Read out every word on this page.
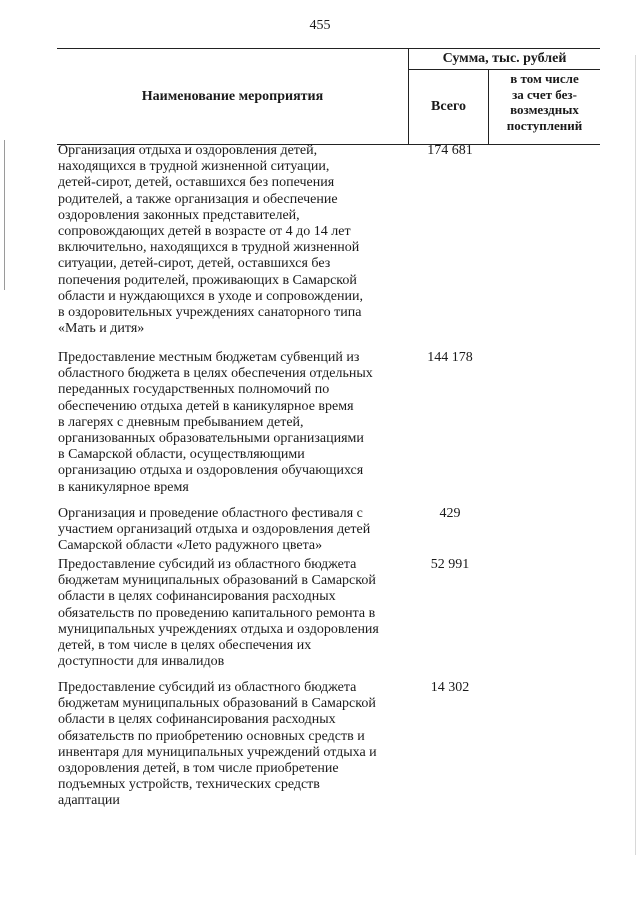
455
Наименование мероприятия
Сумма, тыс. рублей
Всего
в том числе
за счет без-
возмездных
поступлений
Организация отдыха и оздоровления детей,
находящихся в трудной жизненной ситуации,
детей-сирот, детей, оставшихся без попечения
родителей, а также организация и обеспечение
оздоровления законных представителей,
сопровождающих детей в возрасте от 4 до 14 лет
включительно, находящихся в трудной жизненной
ситуации, детей-сирот, детей, оставшихся без
попечения родителей, проживающих в Самарской
области и нуждающихся в уходе и сопровождении,
в оздоровительных учреждениях санаторного типа
«Мать и дитя»
174 681
Предоставление местным бюджетам субвенций из
областного бюджета в целях обеспечения отдельных
переданных государственных полномочий по
обеспечению отдыха детей в каникулярное время
в лагерях с дневным пребыванием детей,
организованных образовательными организациями
в Самарской области, осуществляющими
организацию отдыха и оздоровления обучающихся
в каникулярное время
144 178
Организация и проведение областного фестиваля с
участием организаций отдыха и оздоровления детей
Самарской области «Лето радужного цвета»
429
Предоставление субсидий из областного бюджета
бюджетам муниципальных образований в Самарской
области в целях софинансирования расходных
обязательств по проведению капитального ремонта в
муниципальных учреждениях отдыха и оздоровления
детей, в том числе в целях обеспечения их
доступности для инвалидов
52 991
Предоставление субсидий из областного бюджета
бюджетам муниципальных образований в Самарской
области в целях софинансирования расходных
обязательств по приобретению основных средств и
инвентаря для муниципальных учреждений отдыха и
оздоровления детей, в том числе приобретение
подъемных устройств, технических средств
адаптации
14 302
